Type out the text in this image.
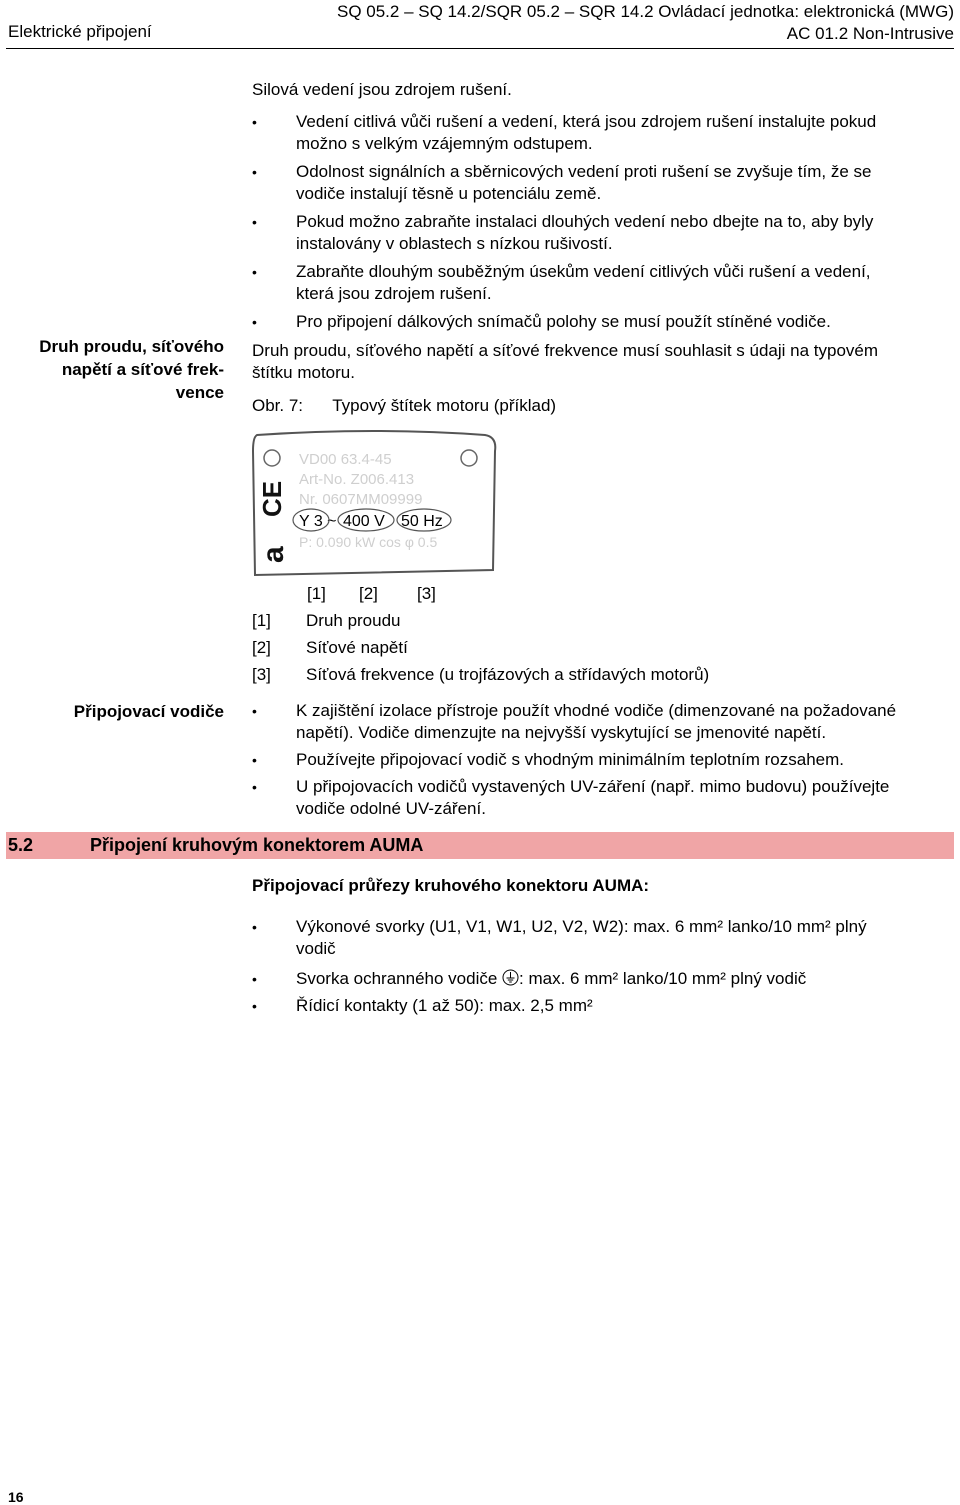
Elektrické připojení
SQ 05.2 – SQ 14.2/SQR 05.2 – SQR 14.2 Ovládací jednotka: elektronická (MWG)
AC 01.2 Non-Intrusive
Silová vedení jsou zdrojem rušení.
• Vedení citlivá vůči rušení a vedení, která jsou zdrojem rušení instalujte pokud
možno s velkým vzájemným odstupem.
• Odolnost signálních a sběrnicových vedení proti rušení se zvyšuje tím, že se
vodiče instalují těsně u potenciálu země.
• Pokud možno zabraňte instalaci dlouhých vedení nebo dbejte na to, aby byly
instalovány v oblastech s nízkou rušivostí.
• Zabraňte dlouhým souběžným úsekům vedení citlivých vůči rušení a vedení,
která jsou zdrojem rušení.
• Pro připojení dálkových snímačů polohy se musí použít stíněné vodiče.
Druh proudu, síťového
napětí a síťové frek-
vence
Druh proudu, síťového napětí a síťové frekvence musí souhlasit s údaji na typovém
štítku motoru.
Obr. 7: Typový štítek motoru (příklad)
VD00 63.4-45
Art-No. Z006.413
Nr. 0607MM09999
Y 3 ~ 400 V 50 Hz
P: 0.090 kW cos φ 0.5
CE
a
[1] [2] [3]
[1] Druh proudu
[2] Síťové napětí
[3] Síťová frekvence (u trojfázových a střídavých motorů)
Připojovací vodiče
•	K zajištění izolace přístroje použít vhodné vodiče (dimenzované na požadované
napětí). Vodiče dimenzujte na nejvyšší vyskytující se jmenovité napětí.
• Používejte připojovací vodič s vhodným minimálním teplotním rozsahem.
• U připojovacích vodičů vystavených UV-záření (např. mimo budovu) používejte
vodiče odolné UV-záření.
5.2	Připojení kruhovým konektorem AUMA
Připojovací průřezy kruhového konektoru AUMA:
• Výkonové svorky (U1, V1, W1, U2, V2, W2): max. 6 mm² lanko/10 mm² plný
vodič
• Svorka ochranného vodiče : max. 6 mm² lanko/10 mm² plný vodič
• Řídicí kontakty (1 až 50): max. 2,5 mm²
16
